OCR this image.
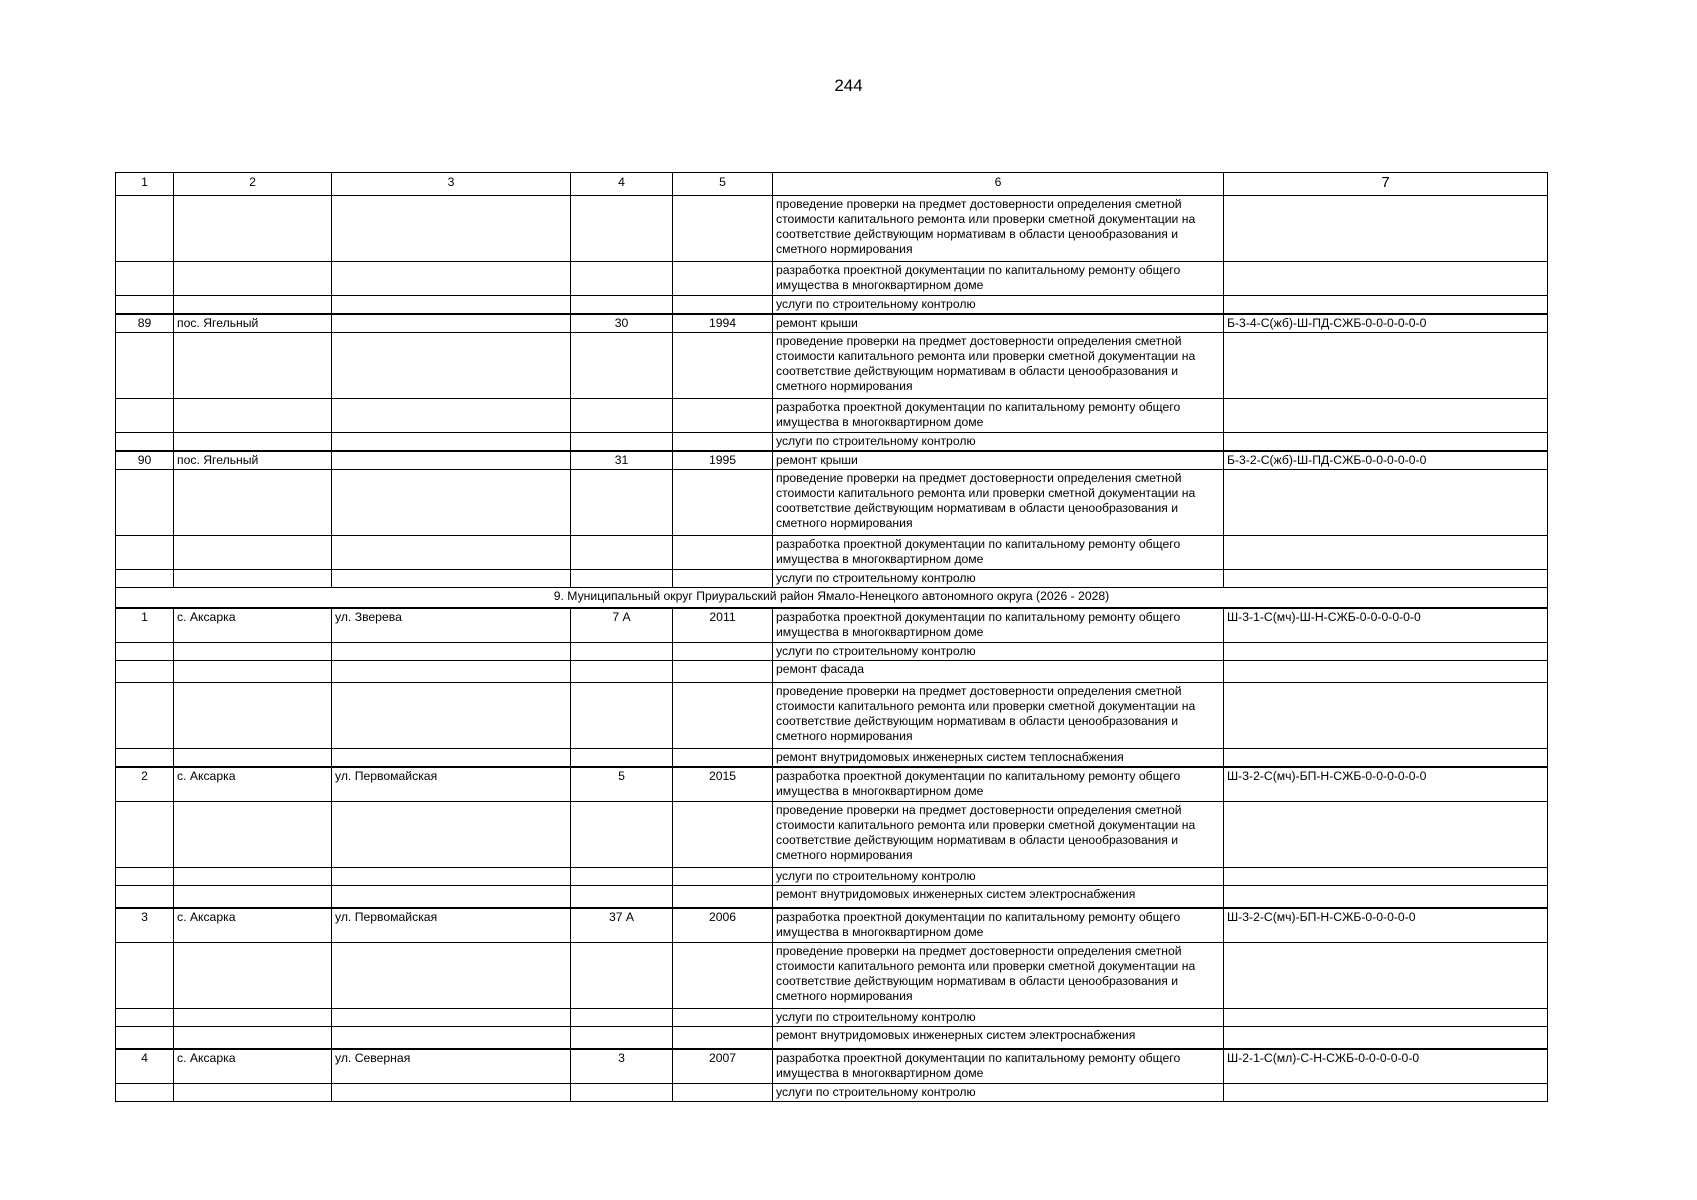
244
1	2	3	4	5	6	7
					проведение проверки на предмет достоверности определения сметной стоимости капитального ремонта или проверки сметной документации на соответствие действующим нормативам в области ценообразования и сметного нормирования	
					разработка проектной документации по капитальному ремонту общего имущества в многоквартирном доме	
					услуги по строительному контролю	
89	пос. Ягельный		30	1994	ремонт крыши	Б-3-4-С(жб)-Ш-ПД-СЖБ-0-0-0-0-0-0
					проведение проверки на предмет достоверности определения сметной стоимости капитального ремонта или проверки сметной документации на соответствие действующим нормативам в области ценообразования и сметного нормирования	
					разработка проектной документации по капитальному ремонту общего имущества в многоквартирном доме	
					услуги по строительному контролю	
90	пос. Ягельный		31	1995	ремонт крыши	Б-3-2-С(жб)-Ш-ПД-СЖБ-0-0-0-0-0-0
					проведение проверки на предмет достоверности определения сметной стоимости капитального ремонта или проверки сметной документации на соответствие действующим нормативам в области ценообразования и сметного нормирования	
					разработка проектной документации по капитальному ремонту общего имущества в многоквартирном доме	
					услуги по строительному контролю	
9. Муниципальный округ Приуральский район Ямало-Ненецкого автономного округа (2026 - 2028)						
1	с. Аксарка	ул. Зверева	7 А	2011	разработка проектной документации по капитальному ремонту общего имущества в многоквартирном доме	Ш-3-1-С(мч)-Ш-Н-СЖБ-0-0-0-0-0-0
					услуги по строительному контролю	
					ремонт фасада	
					проведение проверки на предмет достоверности определения сметной стоимости капитального ремонта или проверки сметной документации на соответствие действующим нормативам в области ценообразования и сметного нормирования	
					ремонт внутридомовых инженерных систем теплоснабжения	
2	с. Аксарка	ул. Первомайская	5	2015	разработка проектной документации по капитальному ремонту общего имущества в многоквартирном доме	Ш-3-2-С(мч)-БП-Н-СЖБ-0-0-0-0-0-0
					проведение проверки на предмет достоверности определения сметной стоимости капитального ремонта или проверки сметной документации на соответствие действующим нормативам в области ценообразования и сметного нормирования	
					услуги по строительному контролю	
					ремонт внутридомовых инженерных систем электроснабжения	
3	с. Аксарка	ул. Первомайская	37 А	2006	разработка проектной документации по капитальному ремонту общего имущества в многоквартирном доме	Ш-3-2-С(мч)-БП-Н-СЖБ-0-0-0-0-0
					проведение проверки на предмет достоверности определения сметной стоимости капитального ремонта или проверки сметной документации на соответствие действующим нормативам в области ценообразования и сметного нормирования	
					услуги по строительному контролю	
					ремонт внутридомовых инженерных систем электроснабжения	
4	с. Аксарка	ул. Северная	3	2007	разработка проектной документации по капитальному ремонту общего имущества в многоквартирном доме	Ш-2-1-С(мл)-С-Н-СЖБ-0-0-0-0-0-0
					услуги по строительному контролю	
